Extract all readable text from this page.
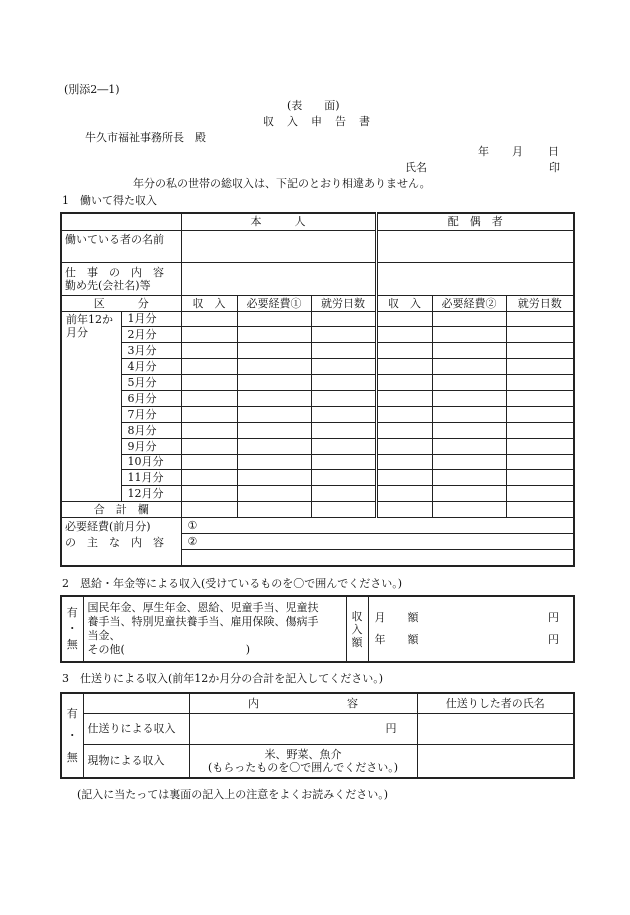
(別添2―1)
(表　　面)
収　入　申　告　書
牛久市福祉事務所長　殿
年 月 日
氏名	印
年分の私の世帯の総収入は、下記のとおり相違ありません。
1　働いて得た収入
		本　　　人			配　偶　者		
働いている者の名前							

仕　事　の　内　容
勤め先(会社名)等							

区　　　分		収　入	必要経費①	就労日数	収　入	必要経費②	就労日数

前年12か
月分	1月分						
	2月分						
	3月分						
	4月分						
	5月分						
	6月分						
	7月分						
	8月分						
	9月分						
	10月分						
	11月分						
	12月分						
合　計　欄							

必要経費(前月分)
の　主　な　内　容		①					
		②					

2　恩給・年金等による収入(受けているものを〇で囲んでください。)
有
・
無

国民年金、厚生年金、恩給、児童手当、児童扶
養手当、特別児童扶養手当、雇用保険、傷病手
当金、
その他(　　　　　　　　　　　)

収
入
額

月　　額	円
年　　額	円
3　仕送りによる収入(前年12か月分の合計を記入してください。)
有
・
無		内　　　　　　　　容	仕送りした者の氏名
	仕送りによる収入	円	
	現物による収入	米、野菜、魚介
(もらったものを〇で囲んでください。)	

(記入に当たっては裏面の記入上の注意をよくお読みください。)
